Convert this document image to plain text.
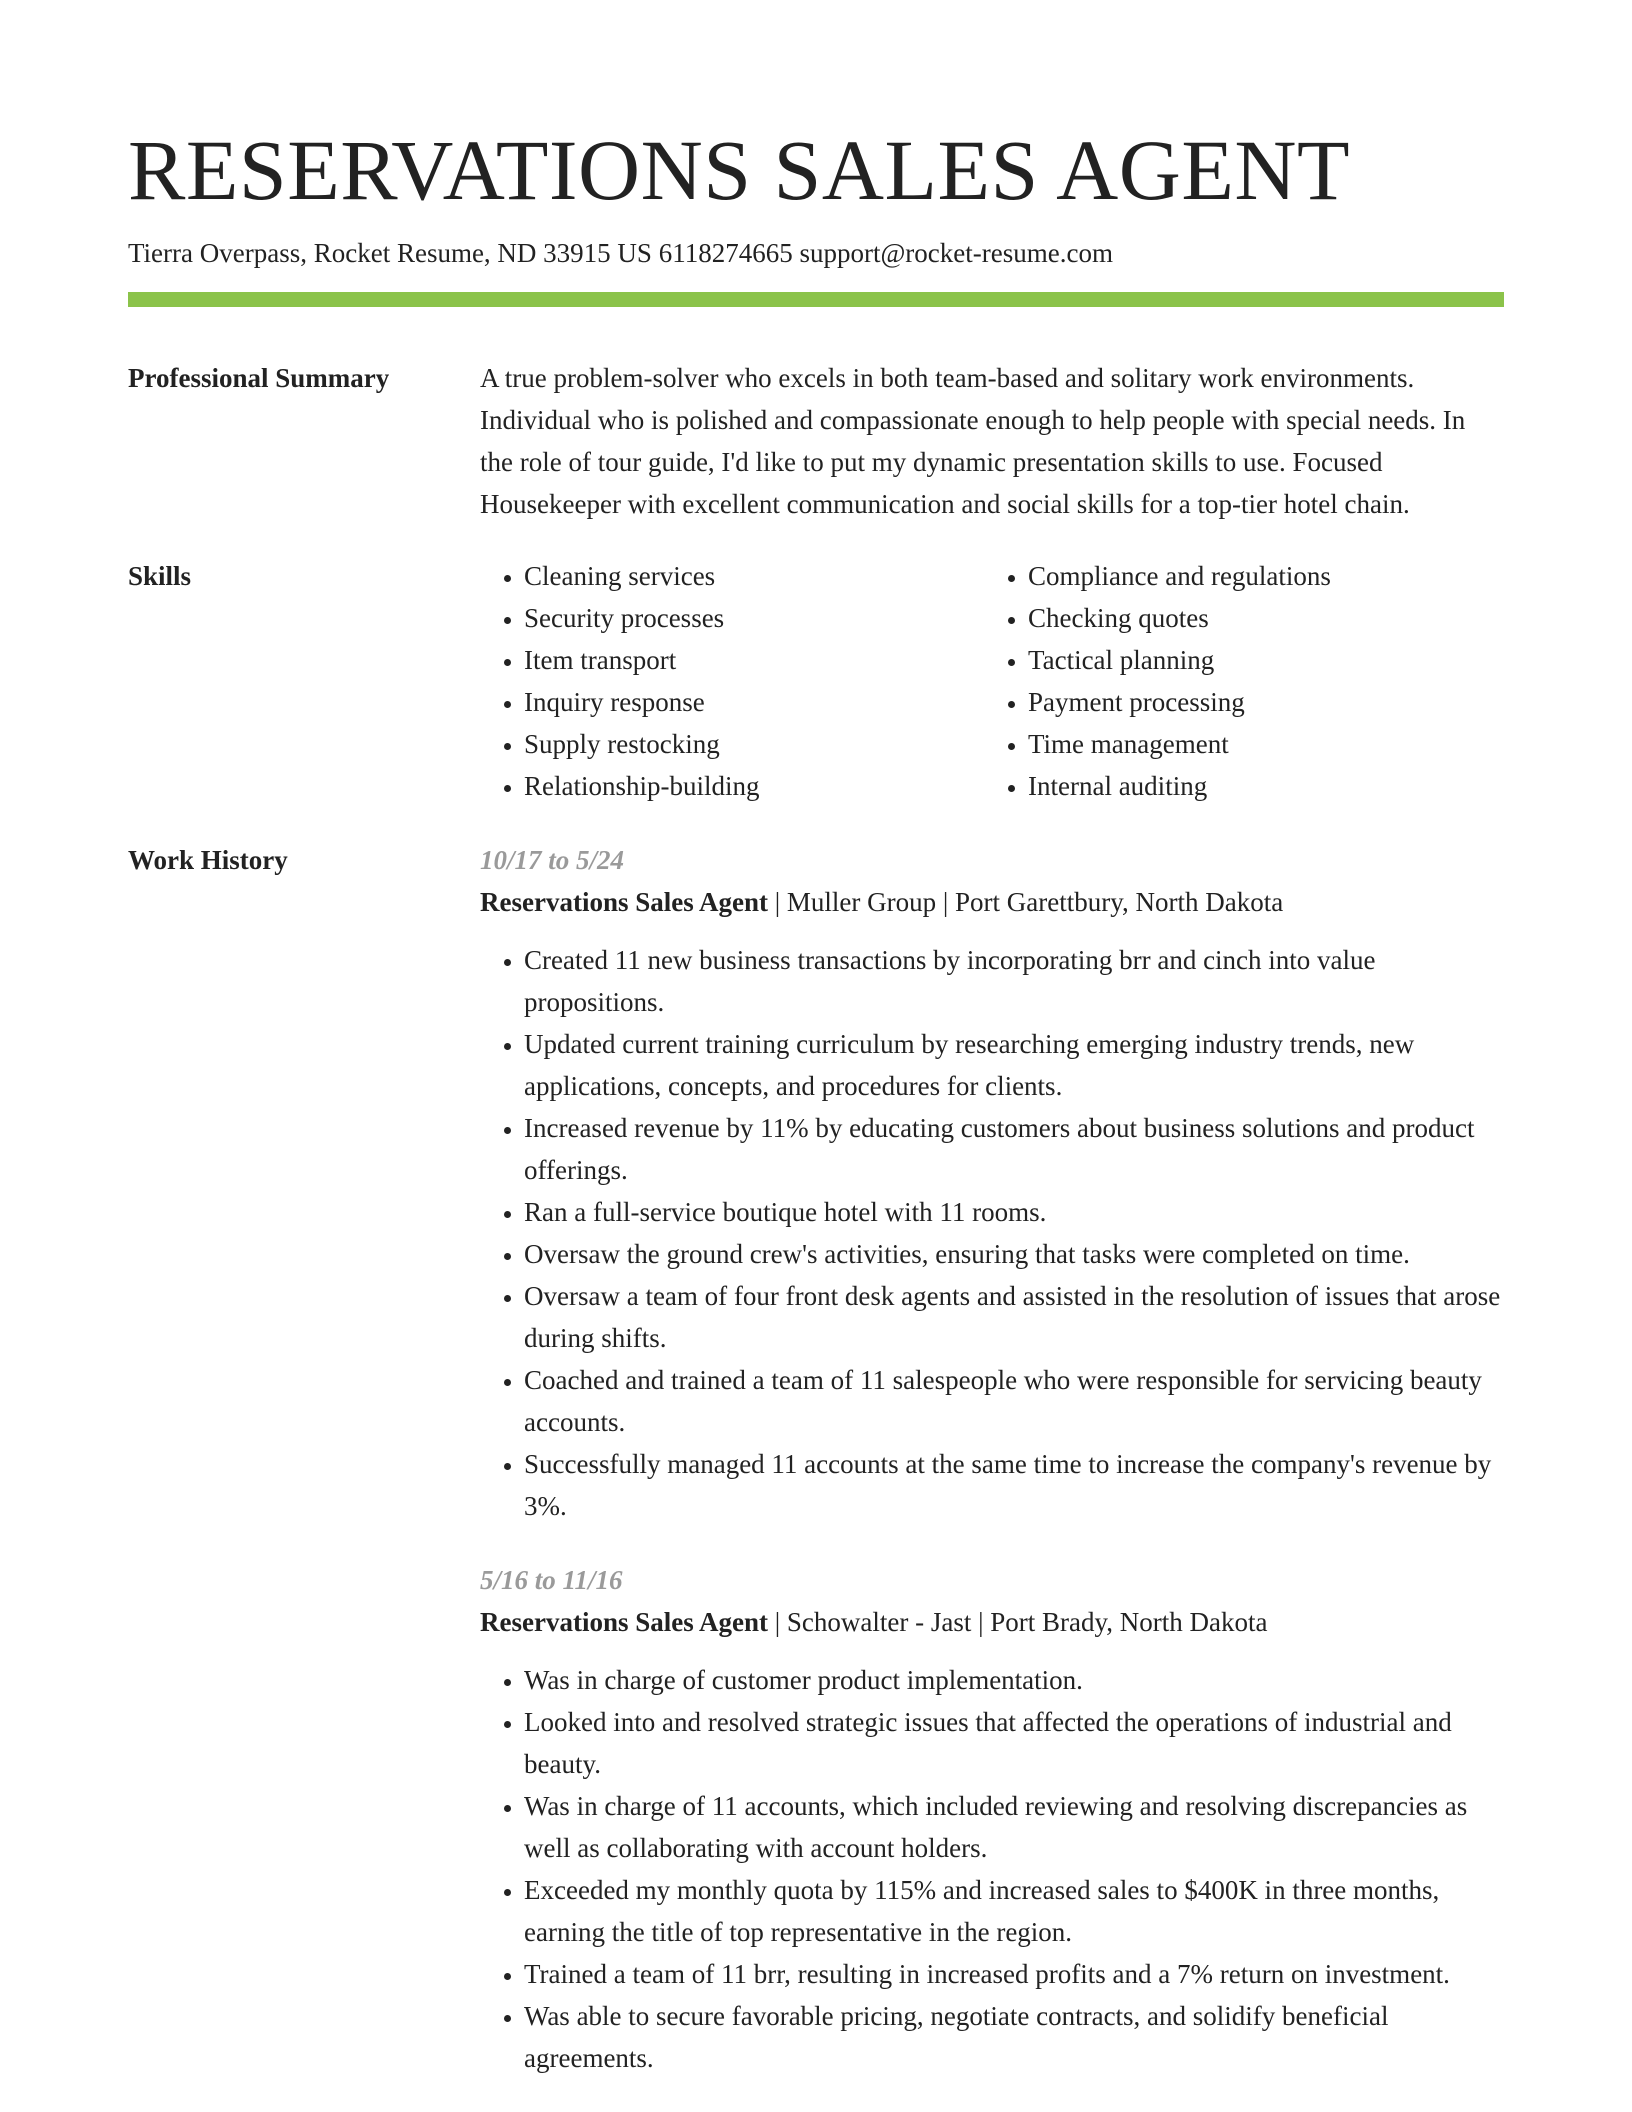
RESERVATIONS SALES AGENT
Tierra Overpass, Rocket Resume, ND 33915 US 6118274665 support@rocket-resume.com
Professional Summary	A true problem-solver who excels in both team-based and solitary work environments. Individual who is polished and compassionate enough to help people with special needs. In the role of tour guide, I'd like to put my dynamic presentation skills to use. Focused Housekeeper with excellent communication and social skills for a top-tier hotel chain.
Skills
•	Cleaning services
• Security processes
• Item transport
• Inquiry response
• Supply restocking
• Relationship-building
• Compliance and regulations
• Checking quotes
• Tactical planning
• Payment processing
• Time management
• Internal auditing
Work History	10/17 to 5/24
Reservations Sales Agent | Muller Group | Port Garettbury, North Dakota
• Created 11 new business transactions by incorporating brr and cinch into value propositions.
• Updated current training curriculum by researching emerging industry trends, new applications, concepts, and procedures for clients.
• Increased revenue by 11% by educating customers about business solutions and product offerings.
• Ran a full-service boutique hotel with 11 rooms.
• Oversaw the ground crew's activities, ensuring that tasks were completed on time.
• Oversaw a team of four front desk agents and assisted in the resolution of issues that arose during shifts.
• Coached and trained a team of 11 salespeople who were responsible for servicing beauty accounts.
• Successfully managed 11 accounts at the same time to increase the company's revenue by 3%.
5/16 to 11/16
Reservations Sales Agent | Schowalter - Jast | Port Brady, North Dakota
• Was in charge of customer product implementation.
• Looked into and resolved strategic issues that affected the operations of industrial and beauty.
• Was in charge of 11 accounts, which included reviewing and resolving discrepancies as well as collaborating with account holders.
• Exceeded my monthly quota by 115% and increased sales to $400K in three months, earning the title of top representative in the region.
• Trained a team of 11 brr, resulting in increased profits and a 7% return on investment.
• Was able to secure favorable pricing, negotiate contracts, and solidify beneficial agreements.
